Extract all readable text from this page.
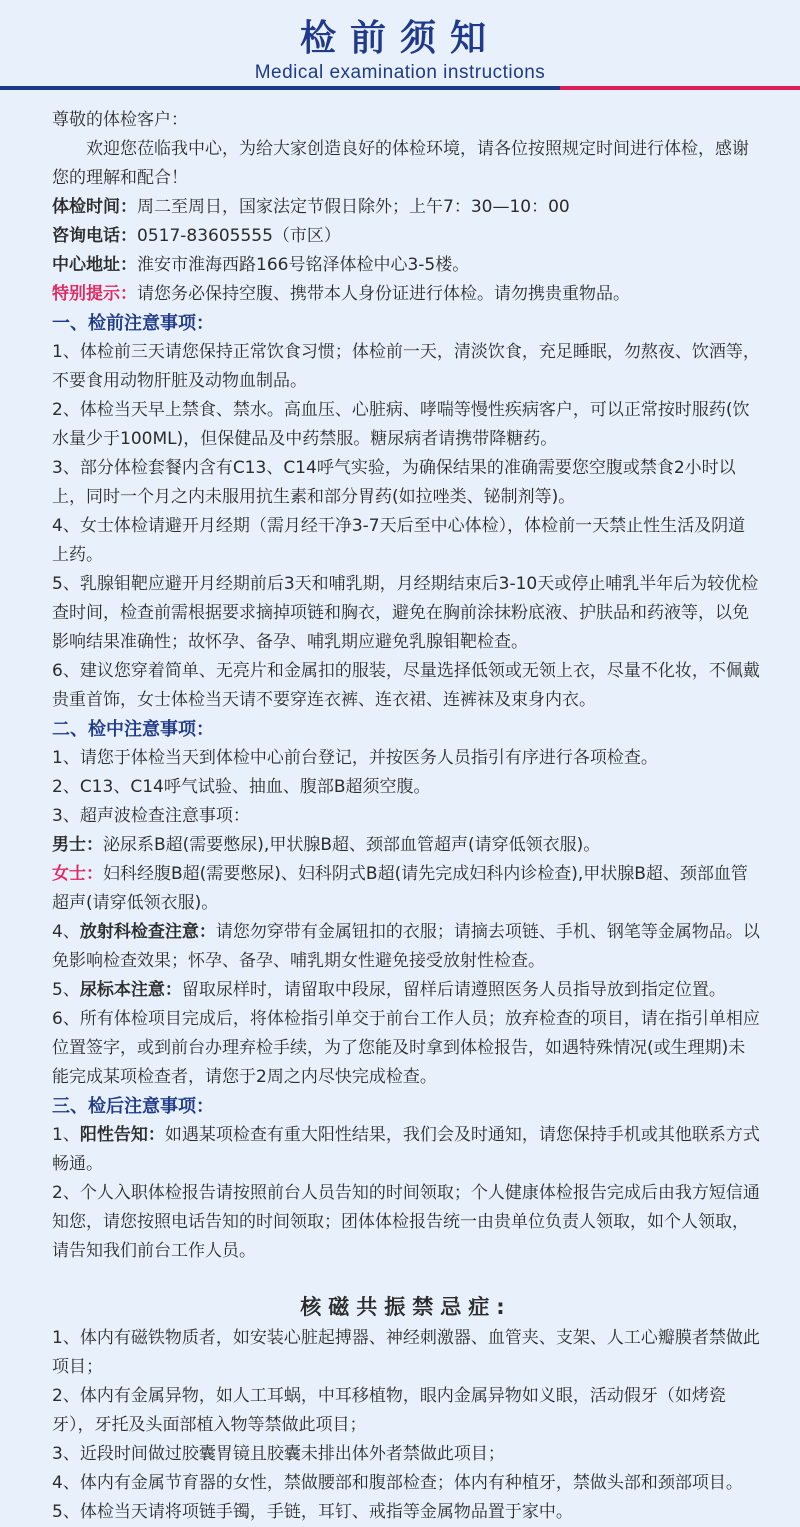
检前须知
Medical examination instructions

尊敬的体检客户：

欢迎您莅临我中心，为给大家创造良好的体检环境，请各位按照规定时间进行体检，感谢您的理解和配合！

体检时间：周二至周日，国家法定节假日除外；上午7：30—10：00

咨询电话：0517-83605555（市区）

中心地址：淮安市淮海西路166号铭泽体检中心3-5楼。

特别提示：请您务必保持空腹、携带本人身份证进行体检。请勿携贵重物品。

一、检前注意事项：

1、体检前三天请您保持正常饮食习惯；体检前一天，清淡饮食，充足睡眠，勿熬夜、饮酒等，不要食用动物肝脏及动物血制品。

2、体检当天早上禁食、禁水。高血压、心脏病、哮喘等慢性疾病客户，可以正常按时服药(饮水量少于100ML)，但保健品及中药禁服。糖尿病者请携带降糖药。

3、部分体检套餐内含有C13、C14呼气实验，为确保结果的准确需要您空腹或禁食2小时以上，同时一个月之内未服用抗生素和部分胃药(如拉唑类、铋制剂等)。

4、女士体检请避开月经期（需月经干净3-7天后至中心体检），体检前一天禁止性生活及阴道上药。

5、乳腺钼靶应避开月经期前后3天和哺乳期，月经期结束后3-10天或停止哺乳半年后为较优检查时间，检查前需根据要求摘掉项链和胸衣，避免在胸前涂抹粉底液、护肤品和药液等，以免影响结果准确性；故怀孕、备孕、哺乳期应避免乳腺钼靶检查。

6、建议您穿着简单、无亮片和金属扣的服装，尽量选择低领或无领上衣，尽量不化妆，不佩戴贵重首饰，女士体检当天请不要穿连衣裤、连衣裙、连裤袜及束身内衣。

二、检中注意事项：

1、请您于体检当天到体检中心前台登记，并按医务人员指引有序进行各项检查。

2、C13、C14呼气试验、抽血、腹部B超须空腹。

3、超声波检查注意事项：

男士：泌尿系B超(需要憋尿),甲状腺B超、颈部血管超声(请穿低领衣服)。

女士：妇科经腹B超(需要憋尿)、妇科阴式B超(请先完成妇科内诊检查),甲状腺B超、颈部血管超声(请穿低领衣服)。

4、放射科检查注意：请您勿穿带有金属钮扣的衣服；请摘去项链、手机、钢笔等金属物品。以免影响检查效果；怀孕、备孕、哺乳期女性避免接受放射性检查。

5、尿标本注意：留取尿样时，请留取中段尿，留样后请遵照医务人员指导放到指定位置。

6、所有体检项目完成后，将体检指引单交于前台工作人员；放弃检查的项目，请在指引单相应位置签字，或到前台办理弃检手续，为了您能及时拿到体检报告，如遇特殊情况(或生理期)未能完成某项检查者，请您于2周之内尽快完成检查。

三、检后注意事项：

1、阳性告知：如遇某项检查有重大阳性结果，我们会及时通知，请您保持手机或其他联系方式畅通。

2、个人入职体检报告请按照前台人员告知的时间领取；个人健康体检报告完成后由我方短信通知您，请您按照电话告知的时间领取；团体体检报告统一由贵单位负责人领取，如个人领取，请告知我们前台工作人员。

核磁共振禁忌症:

1、体内有磁铁物质者，如安装心脏起搏器、神经刺激器、血管夹、支架、人工心瓣膜者禁做此项目；

2、体内有金属异物，如人工耳蜗，中耳移植物，眼内金属异物如义眼，活动假牙（如烤瓷牙），牙托及头面部植入物等禁做此项目；

3、近段时间做过胶囊胃镜且胶囊未排出体外者禁做此项目；

4、体内有金属节育器的女性，禁做腰部和腹部检查；体内有种植牙，禁做头部和颈部项目。

5、体检当天请将项链手镯，手链，耳钉、戒指等金属物品置于家中。
